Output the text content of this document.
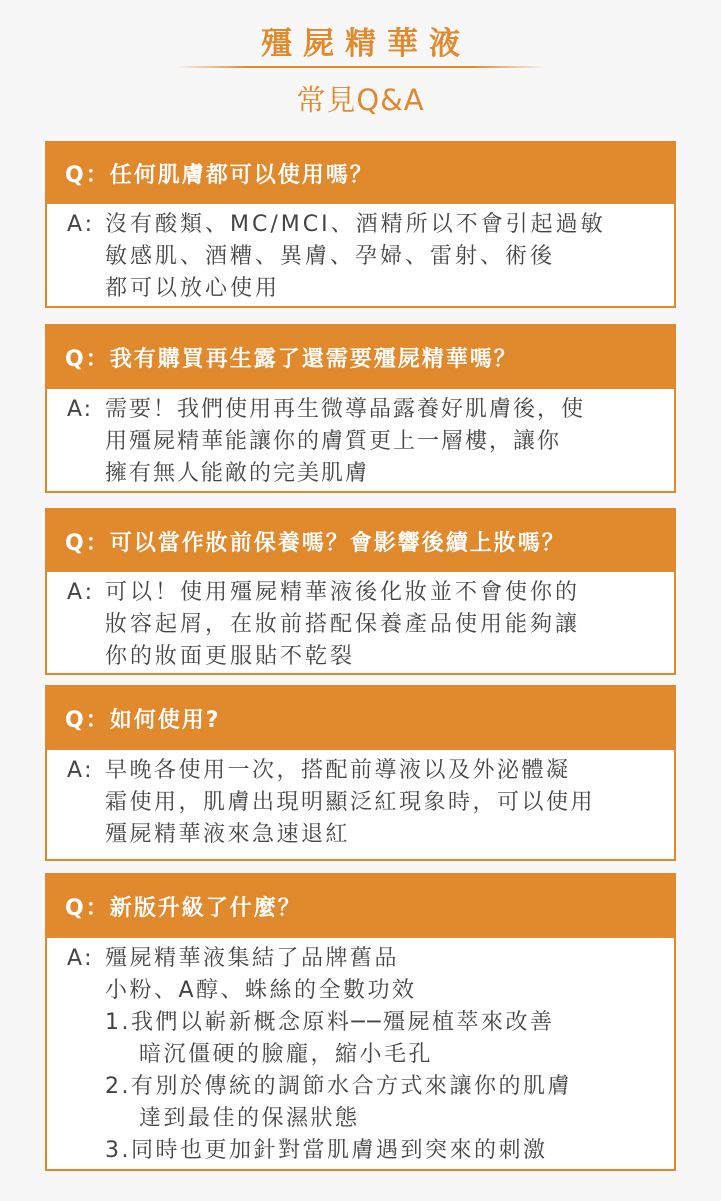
殭屍精華液
常見Q&A
Q：任何肌膚都可以使用嗎？
A: 沒有酸類、MC/MCI、酒精所以不會引起過敏
敏感肌、酒糟、異膚、孕婦、雷射、術後
都可以放心使用
Q：我有購買再生露了還需要殭屍精華嗎？
A: 需要！我們使用再生微導晶露養好肌膚後，使
用殭屍精華能讓你的膚質更上一層樓，讓你
擁有無人能敵的完美肌膚
Q：可以當作妝前保養嗎？會影響後續上妝嗎？
A: 可以！使用殭屍精華液後化妝並不會使你的
妝容起屑，在妝前搭配保養產品使用能夠讓
你的妝面更服貼不乾裂
Q：如何使用?
A: 早晚各使用一次，搭配前導液以及外泌體凝
霜使用，肌膚出現明顯泛紅現象時，可以使用
殭屍精華液來急速退紅
Q：新版升級了什麼？
A: 殭屍精華液集結了品牌舊品
小粉、A醇、蛛絲的全數功效
1.我們以嶄新概念原料──殭屍植萃來改善
暗沉僵硬的臉龐，縮小毛孔
2.有別於傳統的調節水合方式來讓你的肌膚
達到最佳的保濕狀態
3.同時也更加針對當肌膚遇到突來的刺激
